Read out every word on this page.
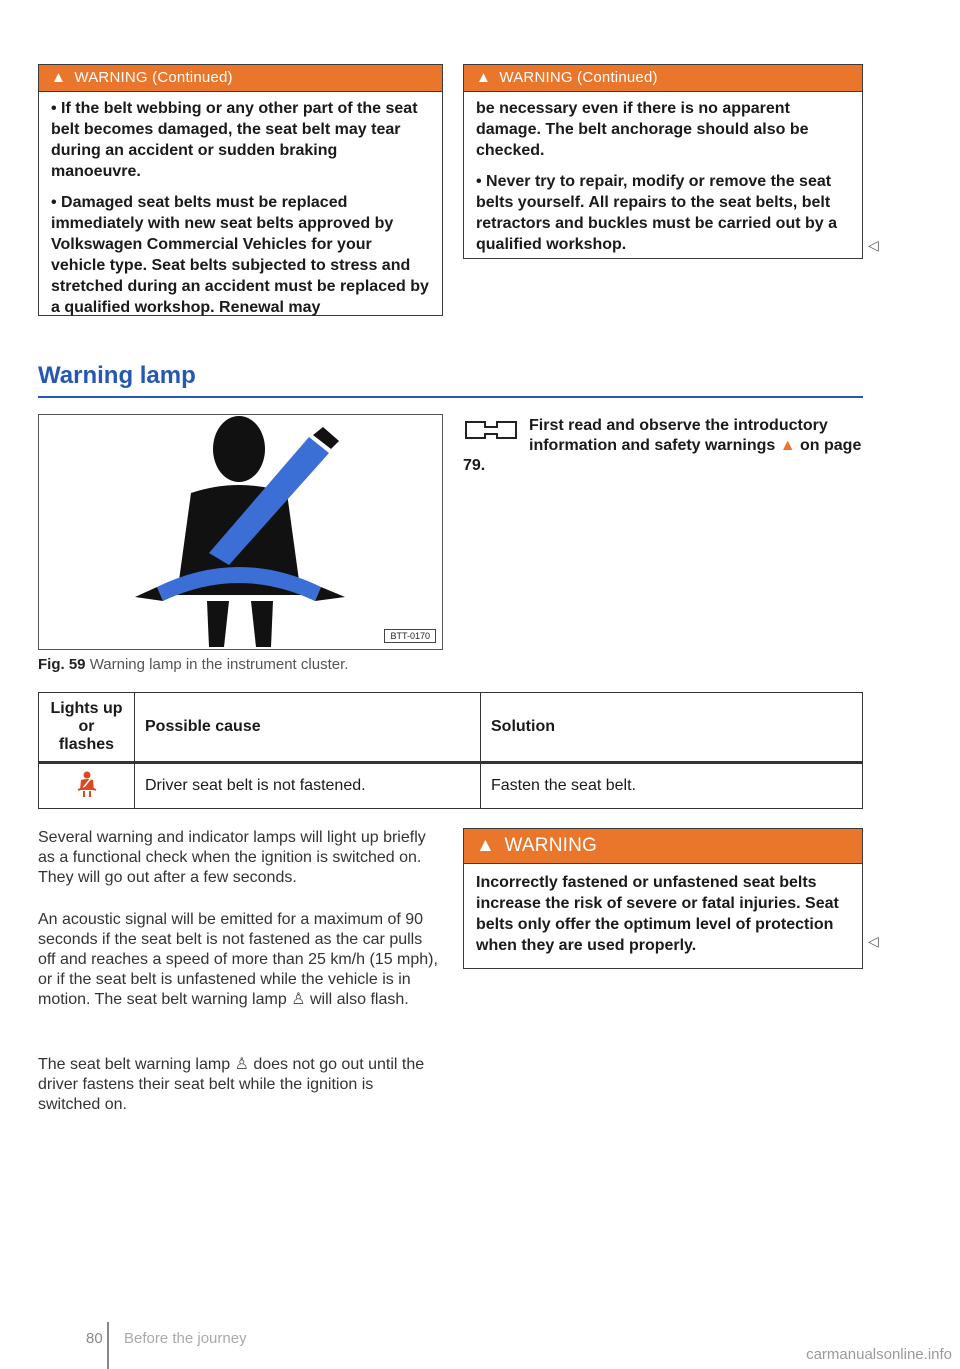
▲ WARNING (Continued)

• If the belt webbing or any other part of the seat belt becomes damaged, the seat belt may tear during an accident or sudden braking manoeuvre.

• Damaged seat belts must be replaced immediately with new seat belts approved by Volkswagen Commercial Vehicles for your vehicle type. Seat belts subjected to stress and stretched during an accident must be replaced by a qualified workshop. Renewal may

▲ WARNING (Continued)

be necessary even if there is no apparent damage. The belt anchorage should also be checked.

• Never try to repair, modify or remove the seat belts yourself. All repairs to the seat belts, belt retractors and buckles must be carried out by a qualified workshop.	◁
Warning lamp
BTT-0170
Fig. 59 Warning lamp in the instrument cluster.
First read and observe the introductory information and safety warnings ▲ on page 79.
Lights up or flashes	Possible cause	Solution
	Driver seat belt is not fastened.	Fasten the seat belt.

Several warning and indicator lamps will light up briefly as a functional check when the ignition is switched on. They will go out after a few seconds.

An acoustic signal will be emitted for a maximum of 90 seconds if the seat belt is not fastened as the car pulls off and reaches a speed of more than 25 km/h (15 mph), or if the seat belt is unfastened while the vehicle is in motion. The seat belt warning lamp ♙ will also flash.

The seat belt warning lamp ♙ does not go out until the driver fastens their seat belt while the ignition is switched on.

▲ WARNING

Incorrectly fastened or unfastened seat belts increase the risk of severe or fatal injuries. Seat belts only offer the optimum level of protection when they are used properly.	◁
80 Before the journey
carmanualsonline.info
